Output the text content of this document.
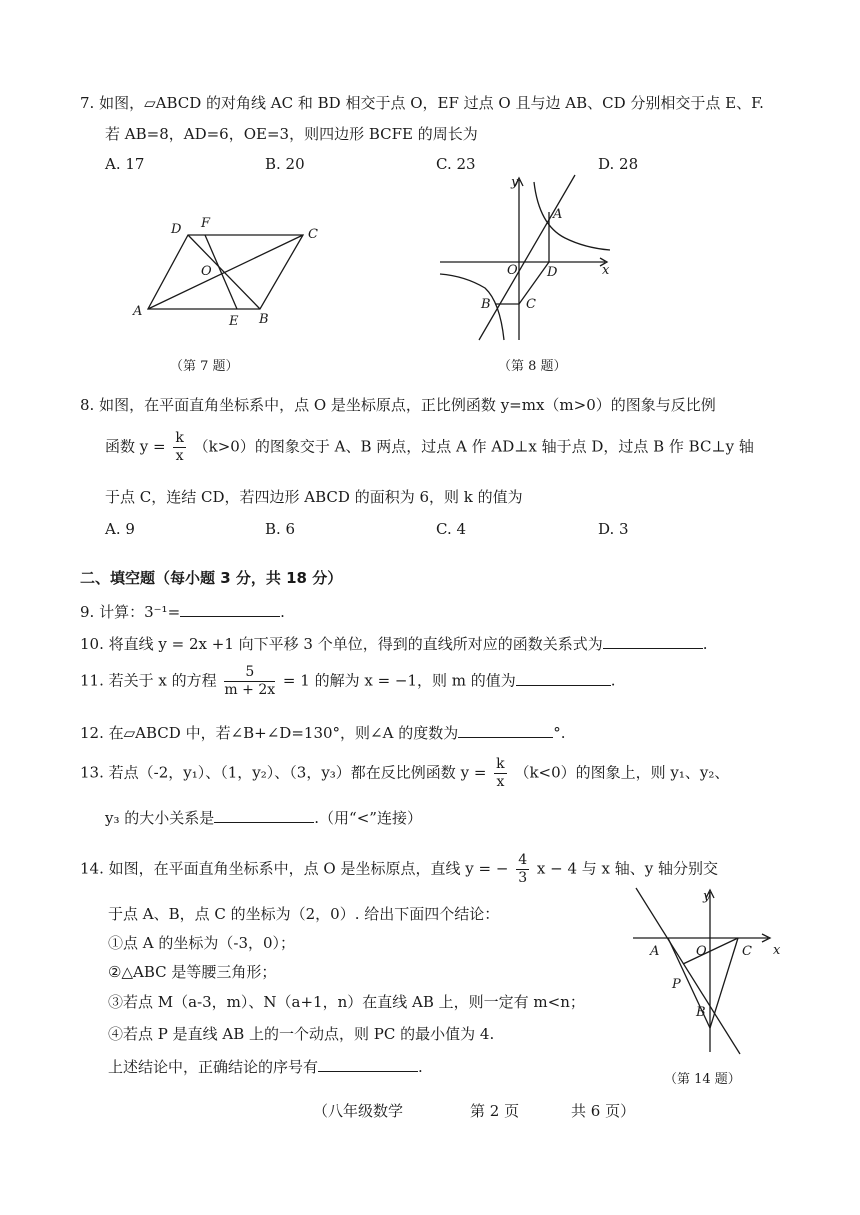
7. 如图，▱ABCD 的对角线 AC 和 BD 相交于点 O，EF 过点 O 且与边 AB、CD 分别相交于点 E、F.
若 AB=8，AD=6，OE=3，则四边形 BCFE 的周长为
A. 17	B. 20	C. 23	D. 28
A
B
C
D
E
F
O
（第 7 题）
y
x
A
B	C
D
O
（第 8 题）
8. 如图，在平面直角坐标系中，点 O 是坐标原点，正比例函数 y=mx（m>0）的图象与反比例
函数 $y = \frac{k}{x} (k>0)$的图象交于 A、B 两点，过点 A 作 AD⊥x 轴于点 D，过点 B 作 BC⊥y 轴
于点 C，连结 CD，若四边形 ABCD 的面积为 6，则 k 的值为
A. 9	B. 6	C. 4	D. 3
二、填空题（每小题 3 分，共 18 分）
9. 计算：3⁻¹=	.
10. 将直线 y = 2x +1 向下平移 3 个单位，得到的直线所对应的函数关系式为	.
11. 若关于 x 的方程 $\frac{5}{m + 2x} = 1$ 的解为 x = −1，则 m 的值为	.
12. 在▱ABCD 中，若∠B+∠D=130°，则∠A 的度数为	°.
13. 若点（-2，y₁）、（1，y₂）、（3，y₃）都在反比例函数 $y = \frac{k}{x} (k<0)$的图象上，则 y₁、y₂、
y₃ 的大小关系是	.（用“<”连接）
14. 如图，在平面直角坐标系中，点 O 是坐标原点，直线 y = − $\frac{4}{3}$ x − 4 与 x 轴、y 轴分别交
于点 A、B，点 C 的坐标为（2，0）. 给出下面四个结论：
①点 A 的坐标为（-3，0）；
②△ABC 是等腰三角形；
③若点 M（a-3，m）、N（a+1，n）在直线 AB 上，则一定有 m<n；
④若点 P 是直线 AB 上的一个动点，则 PC 的最小值为 4.
上述结论中，正确结论的序号有	.
y
x
A
B
C
O
P
（第 14 题）
（八年级数学	第 2 页	共 6 页）
